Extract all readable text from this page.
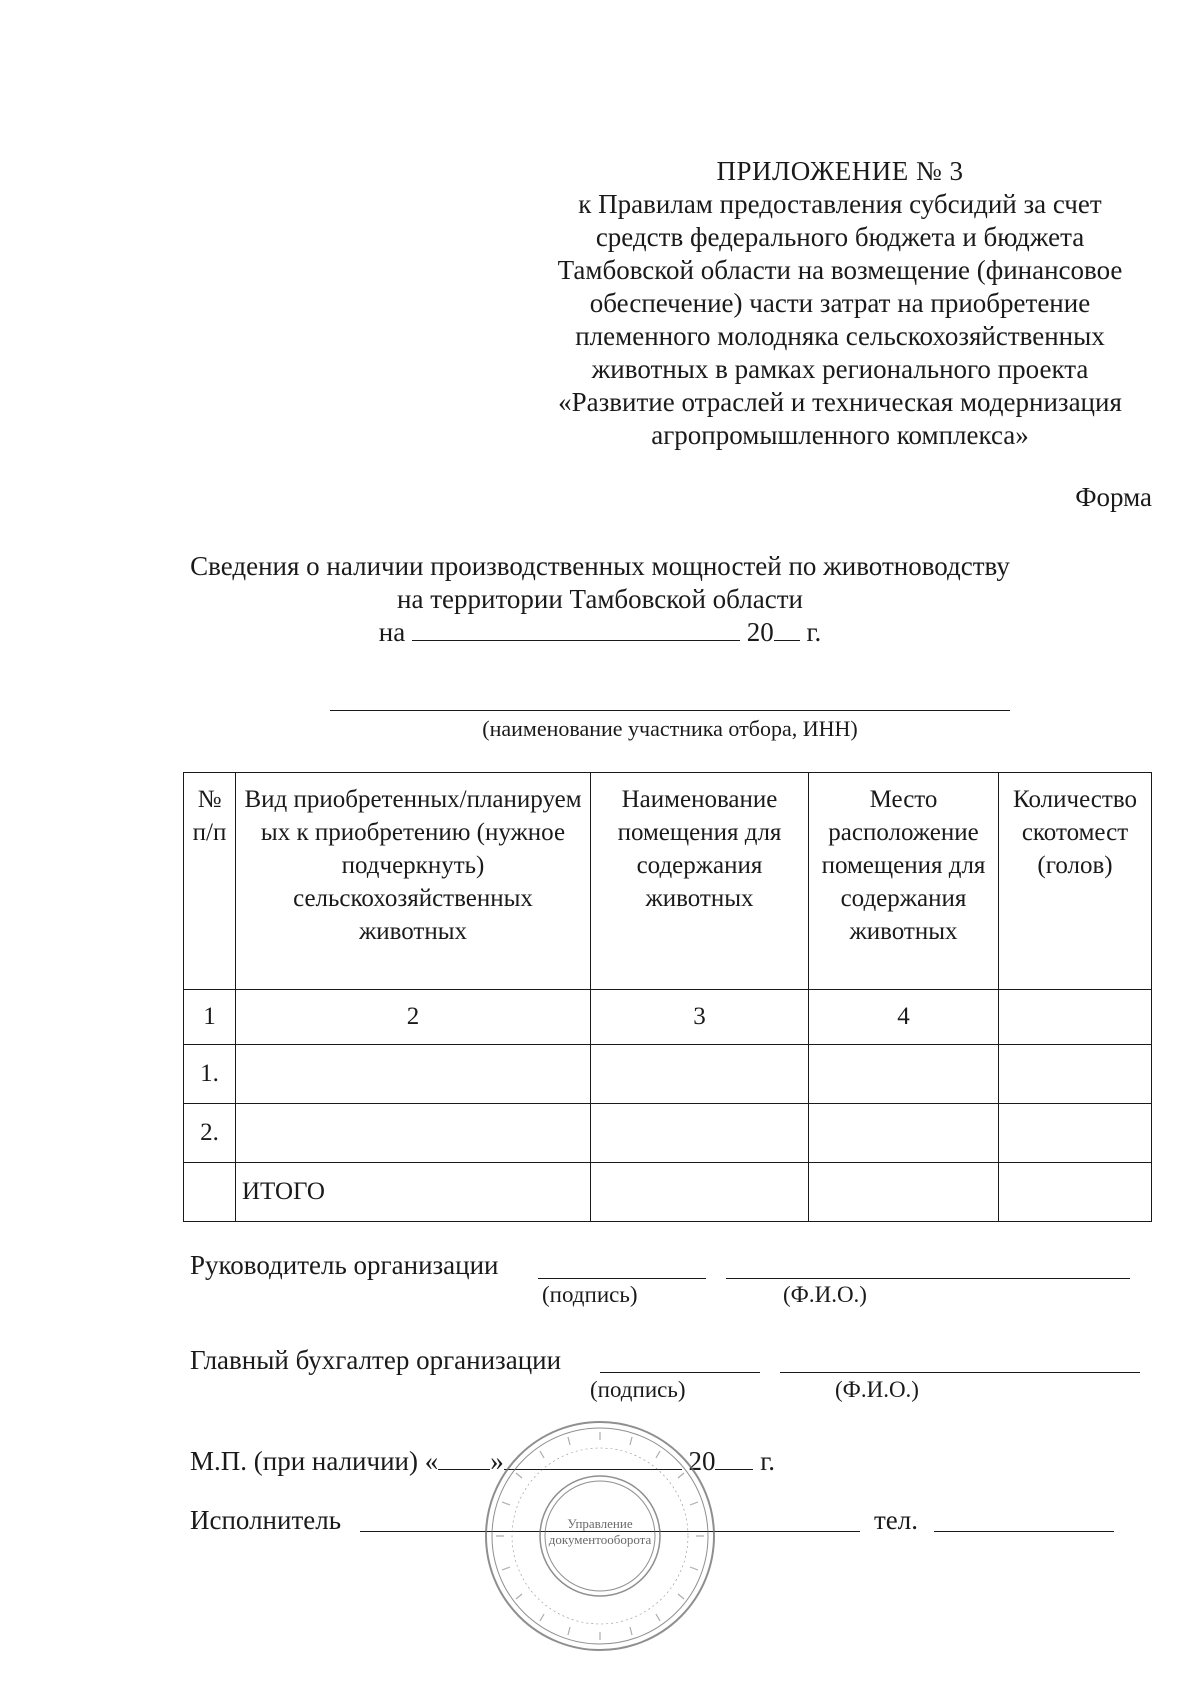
ПРИЛОЖЕНИЕ № 3
к Правилам предоставления субсидий за счет
средств федерального бюджета и бюджета
Тамбовской области на возмещение (финансовое
обеспечение) части затрат на приобретение
племенного молодняка сельскохозяйственных
животных в рамках регионального проекта
«Развитие отраслей и техническая модернизация
агропромышленного комплекса»
Форма
Сведения о наличии производственных мощностей по животноводству
на территории Тамбовской области
на	20 г.
(наименование участника отбора, ИНН)
№ п/п	Вид приобретенных/планируем ых к приобретению (нужное подчеркнуть) сельскохозяйственных животных	Наименование помещения для содержания животных	Место расположение помещения для содержания животных	Количество скотомест (голов)
1	2	3	4	
1.				
2.				
	ИТОГО			
Руководитель организации
(подпись)	(Ф.И.О.)
Главный бухгалтер организации
(подпись)	(Ф.И.О.)
М.П. (при наличии) « »	20 г.
Исполнитель	тел.
Управление
документооборота
